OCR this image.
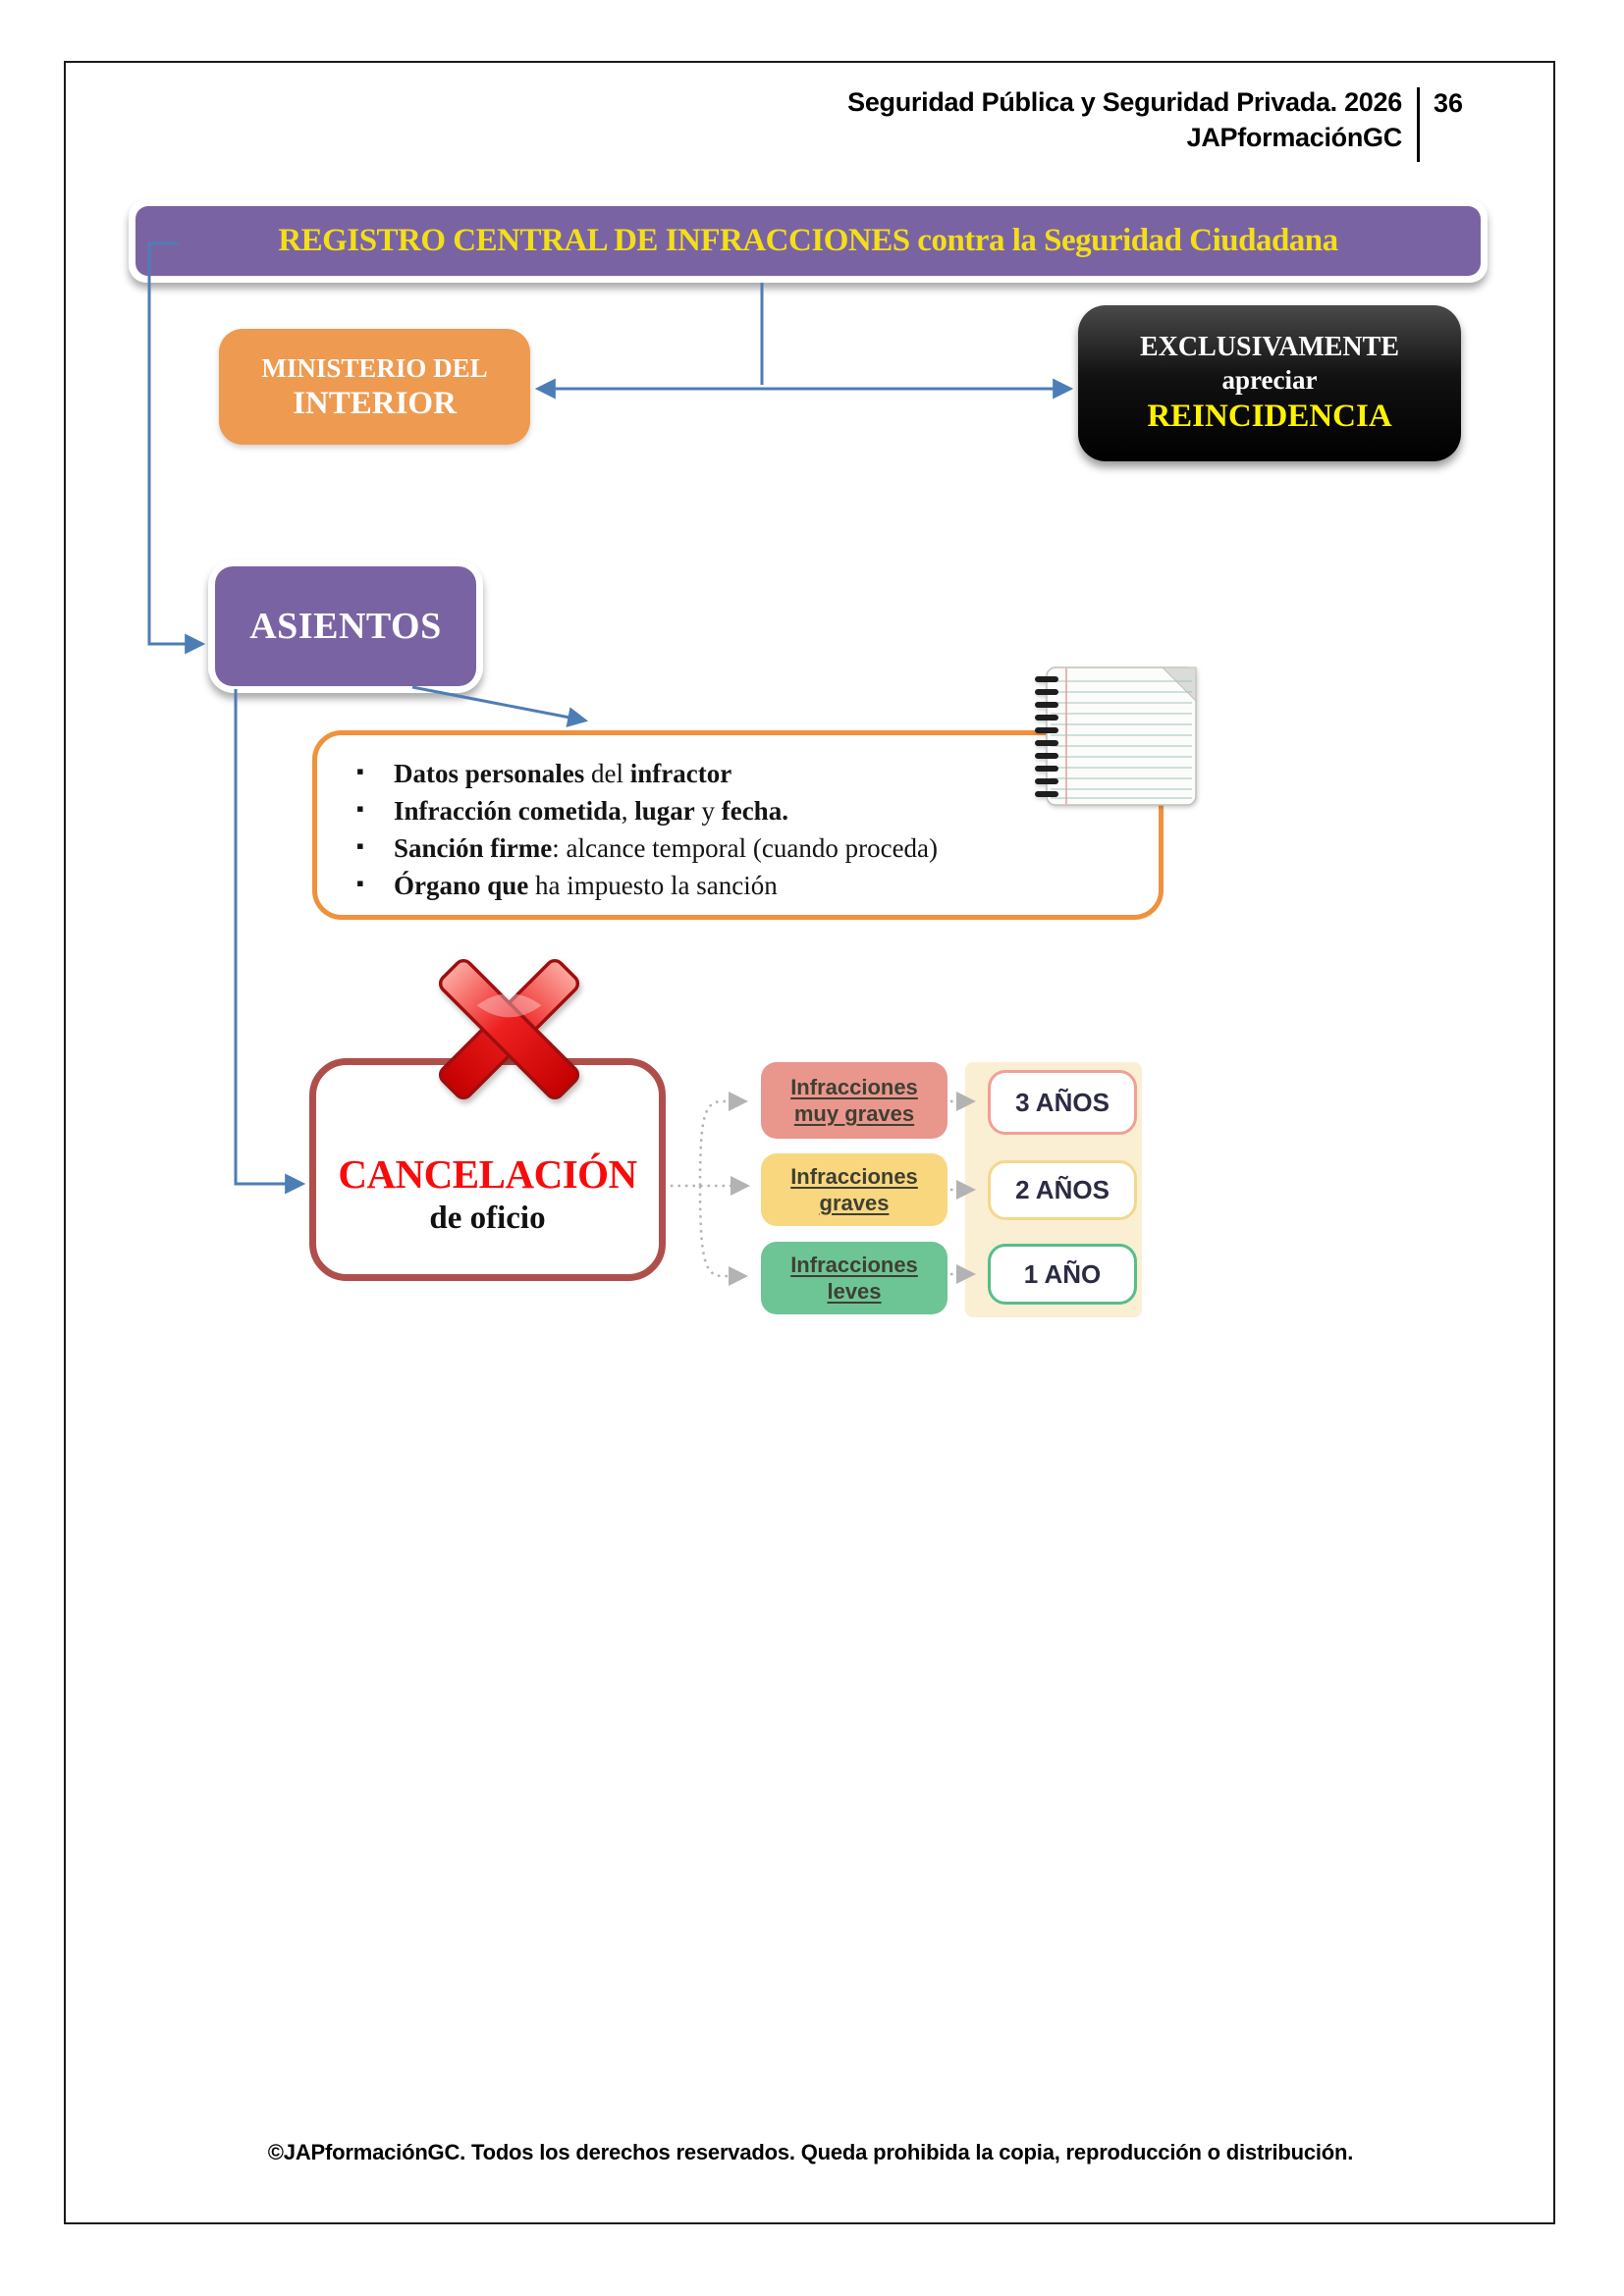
Seguridad Pública y Seguridad Privada. 2026
JAPformaciónGC
36
REGISTRO CENTRAL DE INFRACCIONES contra la Seguridad Ciudadana
MINISTERIO DEL
INTERIOR
EXCLUSIVAMENTE
apreciar
REINCIDENCIA
ASIENTOS
▪ Datos personales del infractor
▪ Infracción cometida, lugar y fecha.
▪ Sanción firme: alcance temporal (cuando proceda)
▪ Órgano que ha impuesto la sanción
CANCELACIÓN
de oficio
Infracciones
muy graves
Infracciones
graves
Infracciones
leves
3 AÑOS
2 AÑOS
1 AÑO
©JAPformaciónGC. Todos los derechos reservados. Queda prohibida la copia, reproducción o distribución.
